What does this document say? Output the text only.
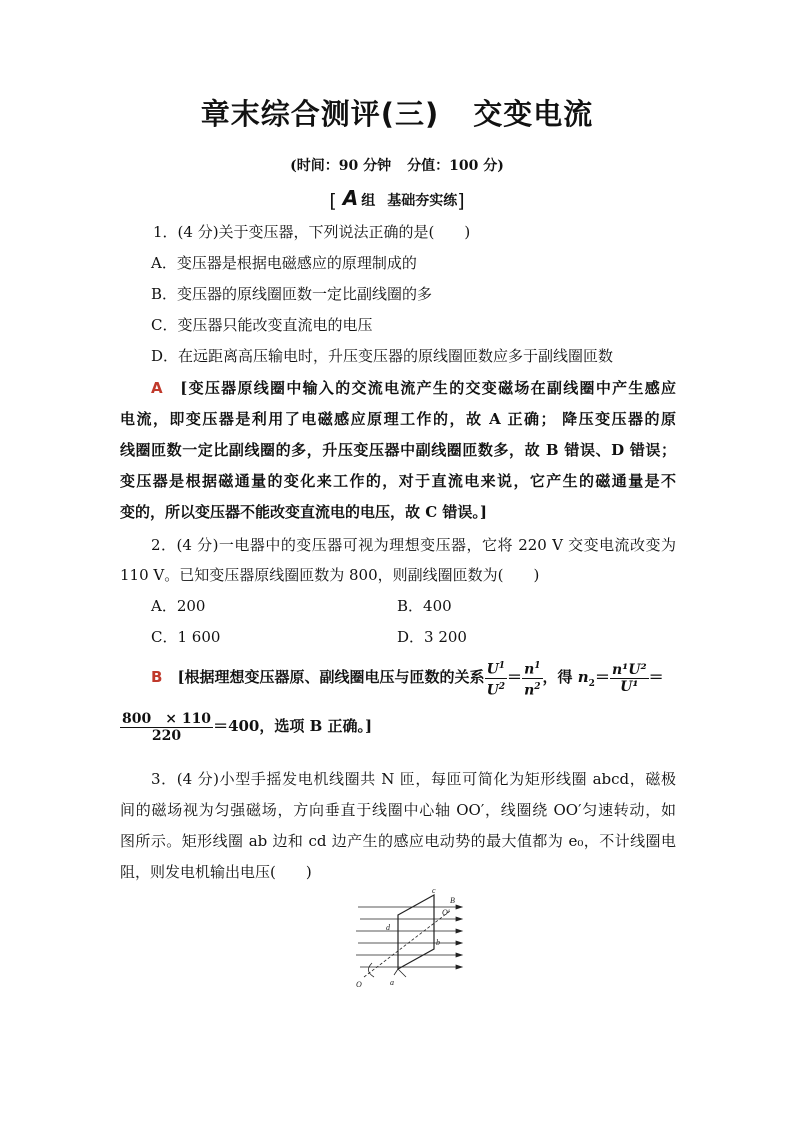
章末综合测评(三) 交变电流
(时间：90 分钟 分值：100 分)
[ A 组 基础夯实练]
1．(4 分)关于变压器，下列说法正确的是(　　)
A．变压器是根据电磁感应的原理制成的
B．变压器的原线圈匝数一定比副线圈的多
C．变压器只能改变直流电的电压
D．在远距离高压输电时，升压变压器的原线圈匝数应多于副线圈匝数
A　 [变压器原线圈中输入的交流电流产生的交变磁场在副线圈中产生感应
电流，即变压器是利用了电磁感应原理工作的，故 A 正确； 降压变压器的原
线圈匝数一定比副线圈的多，升压变压器中副线圈匝数多，故 B 错误、D 错误；
变压器是根据磁通量的变化来工作的，对于直流电来说，它产生的磁通量是不
变的，所以变压器不能改变直流电的电压，故 C 错误。]
2．(4 分)一电器中的变压器可视为理想变压器，它将 220 V 交变电流改变为
110 V。已知变压器原线圈匝数为 800，则副线圈匝数为(　　)
A．200	B．400
C．1 600	D．3 200
B　 [根据理想变压器原、副线圈电压与匝数的关系 $\frac{U^1}{U^2} = \frac{n^1}{n^2}$ ，得 $n_2= \frac{\text{n¹U²}}{\text{U¹}}$ ＝
$\frac{800 \times 110}{220} =400$，选项 B 正确。]
3．(4 分)小型手摇发电机线圈共 N 匝，每匝可简化为矩形线圈 abcd，磁极
间的磁场视为匀强磁场，方向垂直于线圈中心轴 OO′，线圈绕 OO′匀速转动，如
图所示。矩形线圈 ab 边和 cd 边产生的感应电动势的最大值都为 e₀，不计线圈电
阻，则发电机输出电压(　　)
c
B
O′
d
b
O	a
